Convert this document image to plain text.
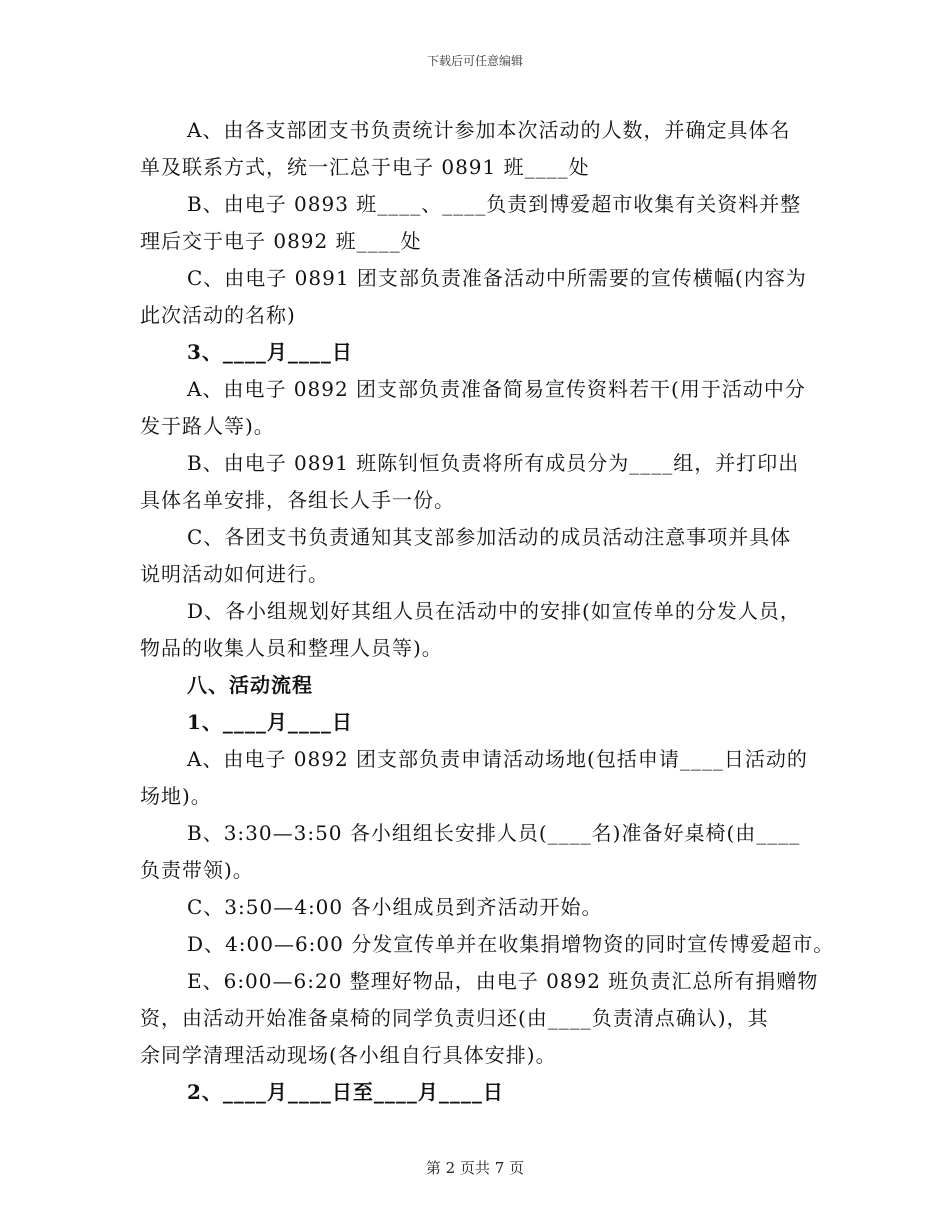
下载后可任意编辑
A、由各支部团支书负责统计参加本次活动的人数，并确定具体名
单及联系方式，统一汇总于电子 0891 班____处
B、由电子 0893 班____、____负责到博爱超市收集有关资料并整
理后交于电子 0892 班____处
C、由电子 0891 团支部负责准备活动中所需要的宣传横幅(内容为
此次活动的名称)
3、____月____日
A、由电子 0892 团支部负责准备简易宣传资料若干(用于活动中分
发于路人等)。
B、由电子 0891 班陈钊恒负责将所有成员分为____组，并打印出
具体名单安排，各组长人手一份。
C、各团支书负责通知其支部参加活动的成员活动注意事项并具体
说明活动如何进行。
D、各小组规划好其组人员在活动中的安排(如宣传单的分发人员，
物品的收集人员和整理人员等)。
八、活动流程
1、____月____日
A、由电子 0892 团支部负责申请活动场地(包括申请____日活动的
场地)。
B、3:30—3:50 各小组组长安排人员(____名)准备好桌椅(由____
负责带领)。
C、3:50—4:00 各小组成员到齐活动开始。
D、4:00—6:00 分发宣传单并在收集捐增物资的同时宣传博爱超市。
E、6:00—6:20 整理好物品，由电子 0892 班负责汇总所有捐赠物
资，由活动开始准备桌椅的同学负责归还(由____负责清点确认)，其
余同学清理活动现场(各小组自行具体安排)。
2、____月____日至____月____日
第 2 页共 7 页
